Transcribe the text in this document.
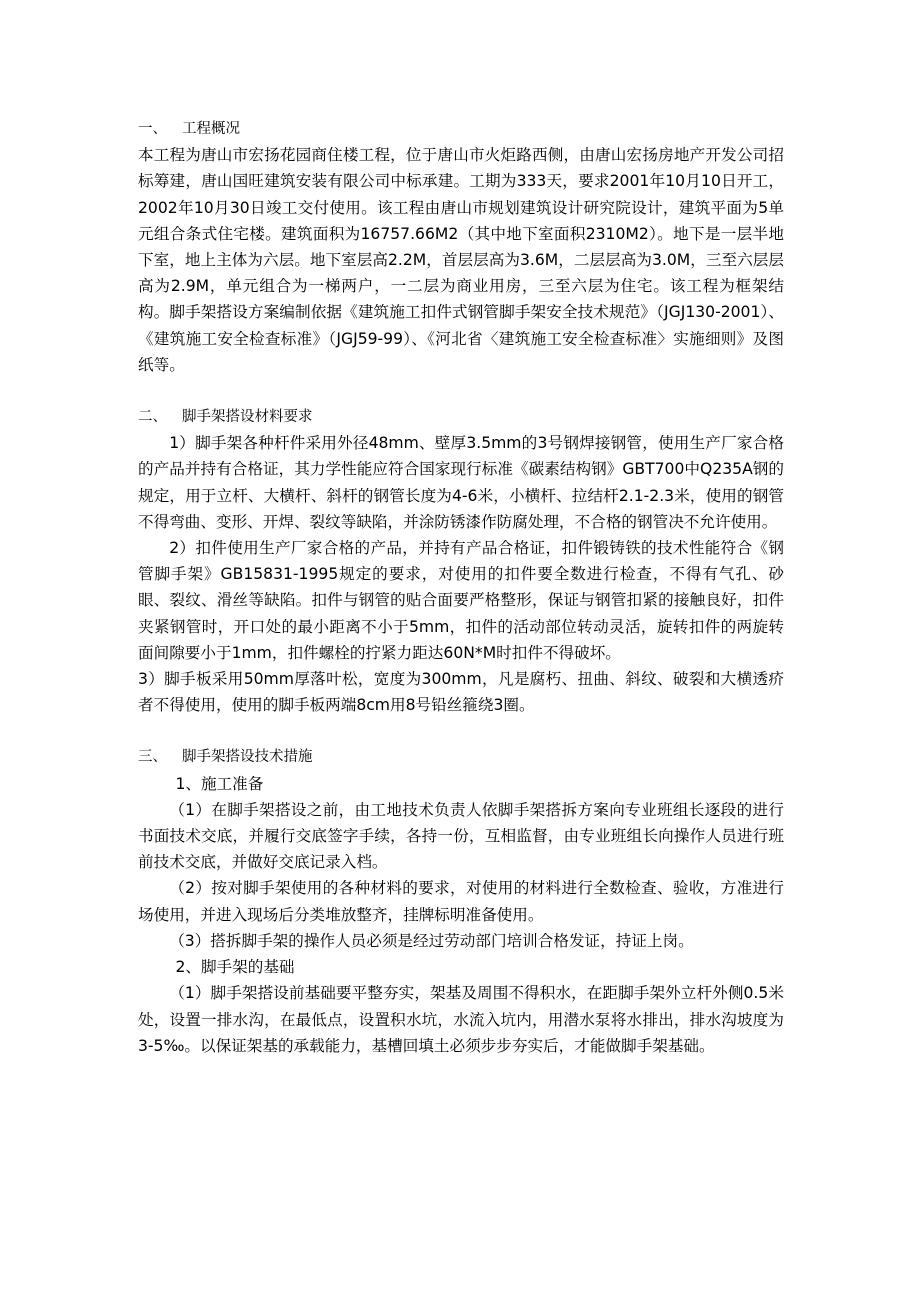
一、 工程概况

本工程为唐山市宏扬花园商住楼工程，位于唐山市火炬路西侧，由唐山宏扬房地产开发公司招标筹建，唐山国旺建筑安装有限公司中标承建。工期为333天，要求2001年10月10日开工，2002年10月30日竣工交付使用。该工程由唐山市规划建筑设计研究院设计，建筑平面为5单元组合条式住宅楼。建筑面积为16757.66M2（其中地下室面积2310M2）。地下是一层半地下室，地上主体为六层。地下室层高2.2M，首层层高为3.6M，二层层高为3.0M，三至六层层高为2.9M，单元组合为一梯两户，一二层为商业用房，三至六层为住宅。该工程为框架结构。脚手架搭设方案编制依据《建筑施工扣件式钢管脚手架安全技术规范》（JGJ130-2001）、《建筑施工安全检查标准》（JGJ59-99）、《河北省〈建筑施工安全检查标准〉实施细则》及图纸等。

二、 脚手架搭设材料要求

1）脚手架各种杆件采用外径48mm、壁厚3.5mm的3号钢焊接钢管，使用生产厂家合格的产品并持有合格证，其力学性能应符合国家现行标准《碳素结构钢》GBT700中Q235A钢的规定，用于立杆、大横杆、斜杆的钢管长度为4-6米，小横杆、拉结杆2.1-2.3米，使用的钢管不得弯曲、变形、开焊、裂纹等缺陷，并涂防锈漆作防腐处理，不合格的钢管决不允许使用。

2）扣件使用生产厂家合格的产品，并持有产品合格证，扣件锻铸铁的技术性能符合《钢管脚手架》GB15831-1995规定的要求，对使用的扣件要全数进行检查，不得有气孔、砂眼、裂纹、滑丝等缺陷。扣件与钢管的贴合面要严格整形，保证与钢管扣紧的接触良好，扣件夹紧钢管时，开口处的最小距离不小于5mm，扣件的活动部位转动灵活，旋转扣件的两旋转面间隙要小于1mm，扣件螺栓的拧紧力距达60N*M时扣件不得破坏。

3）脚手板采用50mm厚落叶松，宽度为300mm，凡是腐朽、扭曲、斜纹、破裂和大横透疥者不得使用，使用的脚手板两端8cm用8号铅丝箍绕3圈。

三、 脚手架搭设技术措施

1、施工准备

（1）在脚手架搭设之前，由工地技术负责人依脚手架搭拆方案向专业班组长逐段的进行书面技术交底，并履行交底签字手续，各持一份，互相监督，由专业班组长向操作人员进行班前技术交底，并做好交底记录入档。

（2）按对脚手架使用的各种材料的要求，对使用的材料进行全数检查、验收，方准进行场使用，并进入现场后分类堆放整齐，挂牌标明准备使用。

（3）搭拆脚手架的操作人员必须是经过劳动部门培训合格发证，持证上岗。

2、脚手架的基础

（1）脚手架搭设前基础要平整夯实，架基及周围不得积水，在距脚手架外立杆外侧0.5米处，设置一排水沟，在最低点，设置积水坑，水流入坑内，用潜水泵将水排出，排水沟坡度为3-5‰。以保证架基的承载能力，基槽回填土必须步步夯实后，才能做脚手架基础。
